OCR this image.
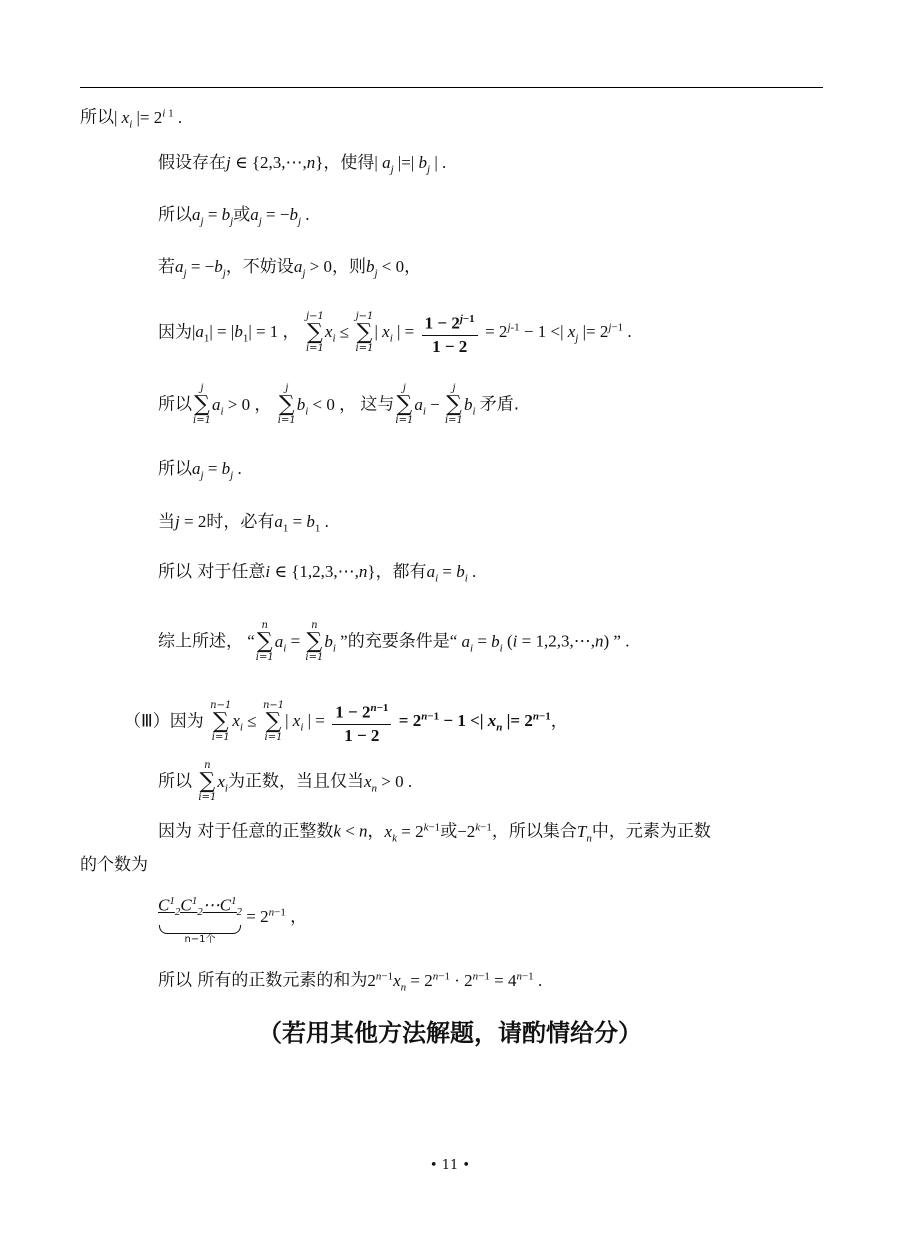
所以| $x_i$ |= $2^i$ $^1$ .
假设存在j ∈ {2,3,⋯,n}，使得| $a_j$ |=| $b_j$ | .
所以$a_j = b_j$或$a_j = -b_j$ .
若$a_j = -b_j$，不妨设$a_j > 0$，则$b_j < 0$，
因为$|a_1| = |b_1| = 1$ ，
j−1
∑
i=1
$x_i$ ≤
j−1
∑
i=1
| $x_i$ | = $\frac{1 - 2^{j-1}}{1 - 2} = 2^{j-1} - 1$ <| $x_j$ |= $2^{j-1}$ .
所以
j
∑
i=1
$a_i > 0$ ，
j
∑
i=1
$b_i < 0$ ， 这与
j
∑
i=1
$a_i$ −
j
∑
i=1
$b_i$ 矛盾.
所以$a_j = b_j$ .
当j = 2时，必有$a_1 = b_1$ .
所以 对于任意i ∈ {1,2,3,⋯,n}，都有$a_i = b_i$ .
综上所述， “
n
∑
i=1
$a_i$ =
n
∑
i=1
$b_i$ ”的充要条件是“ $a_i = b_i$ (i = 1,2,3,⋯,n) ” .
（Ⅲ）因为
n−1
∑
i=1
$x_i$ ≤
n−1
∑
i=1
| $x_i$ | = $\frac{1 - 2^{n-1}}{1 - 2} = 2^{n-1} - 1$ <| $x_n$ |= $2^{n-1}$，
所以
n
∑
i=1
$x_i$为正数，当且仅当$x_n > 0$ .
因为 对于任意的正整数k < n，$x_k = 2^{k-1}$或$-2^{k-1}$，所以集合$T_n$中，元素为正数
的个数为
$C^1_2C^1_2\cdots C^1_2$
n−1个
= $2^{n-1}$ ，
所以 所有的正数元素的和为$2^{n-1}x_n = 2^{n-1} \cdot 2^{n-1} = 4^{n-1}$ .
（若用其他方法解题，请酌情给分）
• 11 •
